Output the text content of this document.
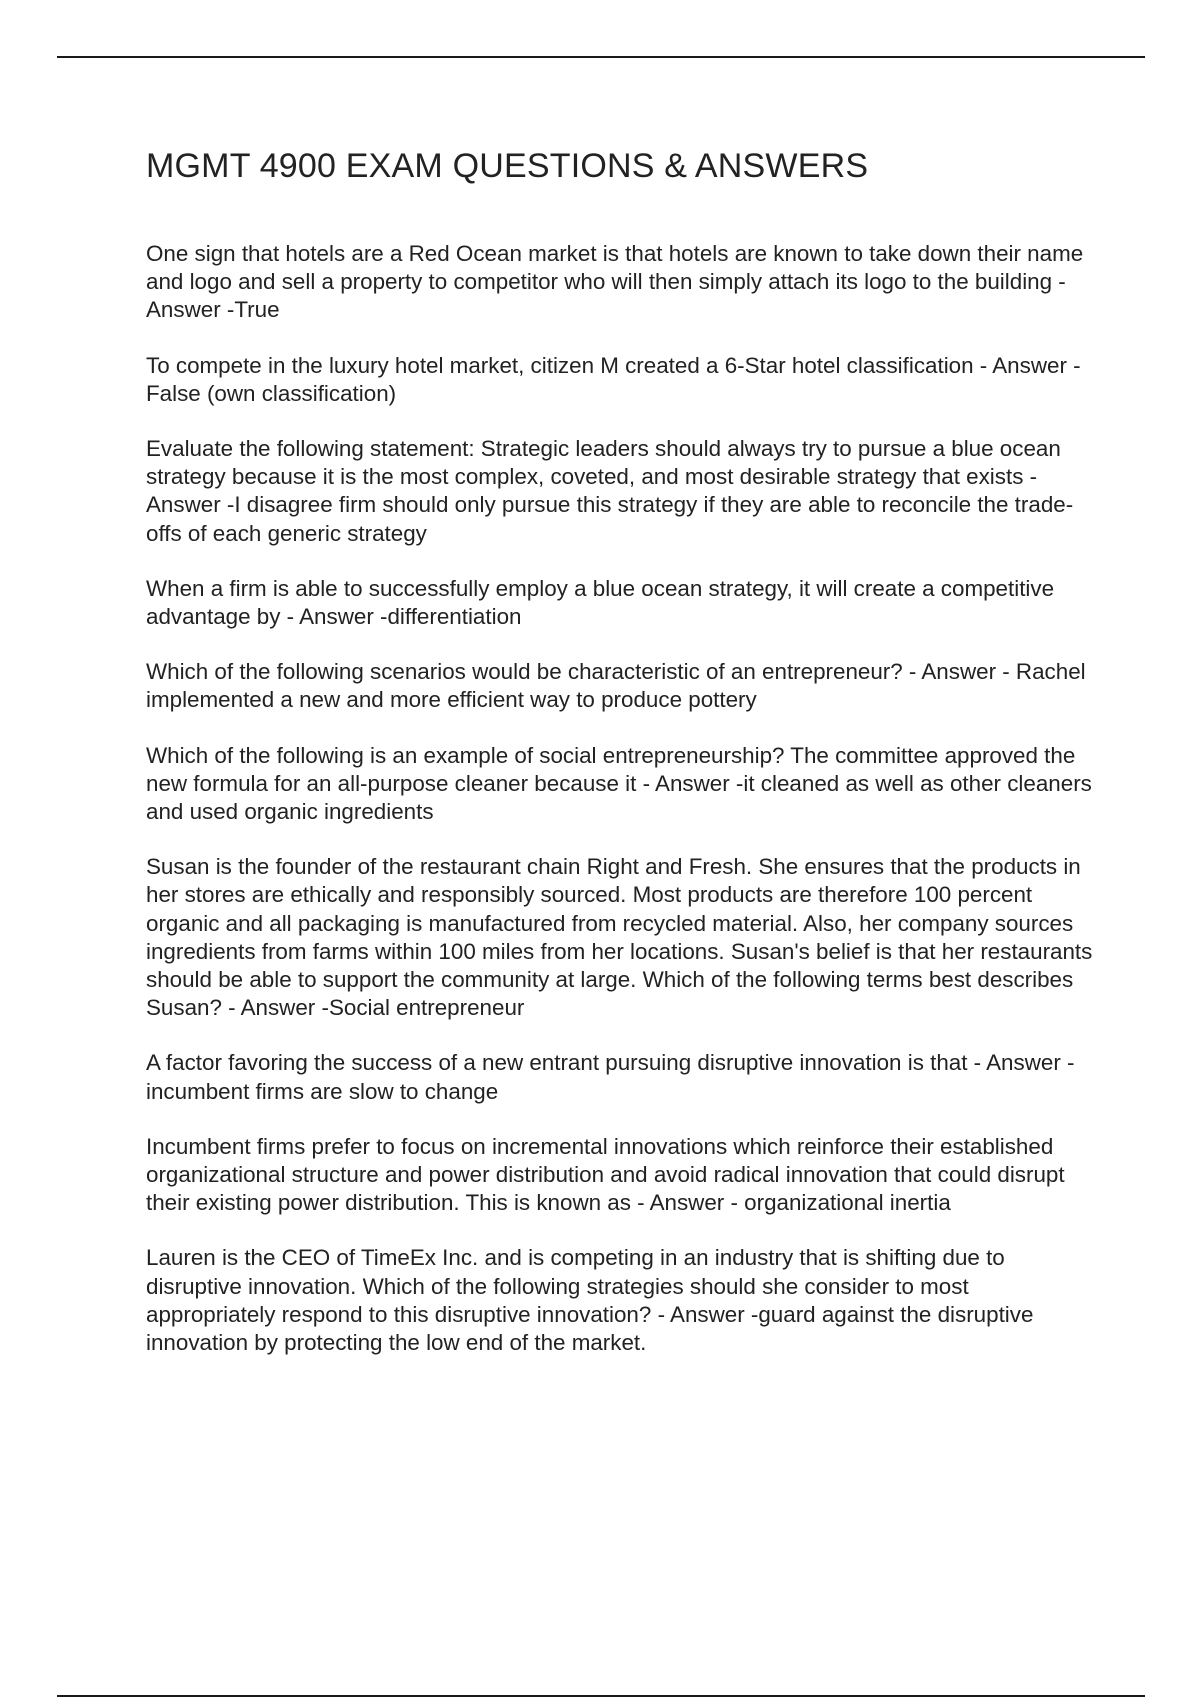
MGMT 4900 EXAM QUESTIONS & ANSWERS

One sign that hotels are a Red Ocean market is that hotels are known to take down their name and logo and sell a property to competitor who will then simply attach its logo to the building - Answer -True

To compete in the luxury hotel market, citizen M created a 6-Star hotel classification - Answer -False (own classification)

Evaluate the following statement: Strategic leaders should always try to pursue a blue ocean strategy because it is the most complex, coveted, and most desirable strategy that exists - Answer -I disagree firm should only pursue this strategy if they are able to reconcile the trade-offs of each generic strategy

When a firm is able to successfully employ a blue ocean strategy, it will create a competitive advantage by - Answer -differentiation

Which of the following scenarios would be characteristic of an entrepreneur? - Answer - Rachel implemented a new and more efficient way to produce pottery

Which of the following is an example of social entrepreneurship? The committee approved the new formula for an all-purpose cleaner because it - Answer -it cleaned as well as other cleaners and used organic ingredients

Susan is the founder of the restaurant chain Right and Fresh. She ensures that the products in her stores are ethically and responsibly sourced. Most products are therefore 100 percent organic and all packaging is manufactured from recycled material. Also, her company sources ingredients from farms within 100 miles from her locations. Susan's belief is that her restaurants should be able to support the community at large. Which of the following terms best describes Susan? - Answer -Social entrepreneur

A factor favoring the success of a new entrant pursuing disruptive innovation is that - Answer -incumbent firms are slow to change

Incumbent firms prefer to focus on incremental innovations which reinforce their established organizational structure and power distribution and avoid radical innovation that could disrupt their existing power distribution. This is known as - Answer - organizational inertia

Lauren is the CEO of TimeEx Inc. and is competing in an industry that is shifting due to disruptive innovation. Which of the following strategies should she consider to most appropriately respond to this disruptive innovation? - Answer -guard against the disruptive innovation by protecting the low end of the market.
